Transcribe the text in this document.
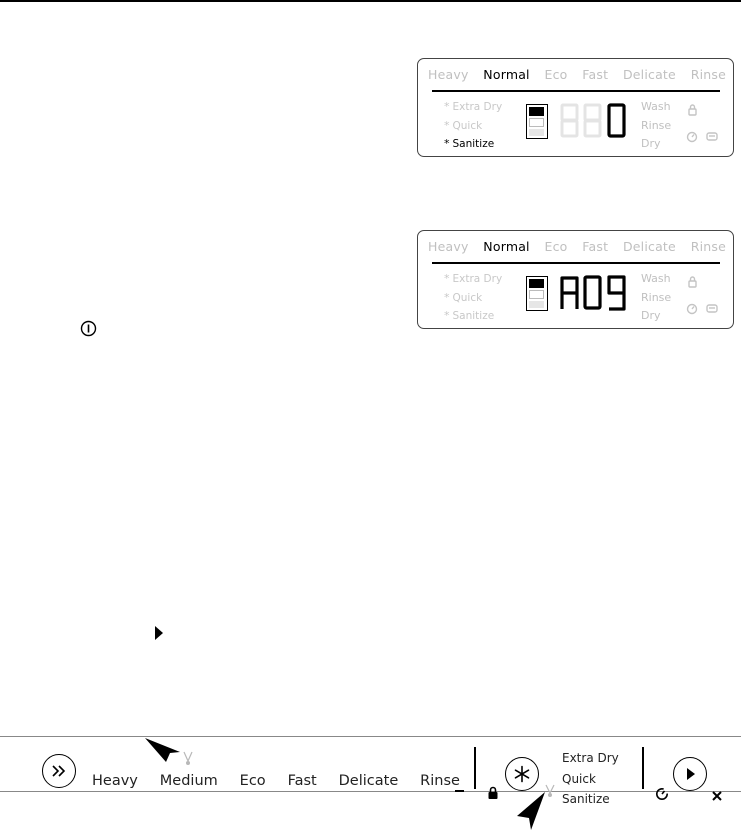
Heavy Normal Eco Fast Delicate Rinse
* Extra Dry
* Quick
* Sanitize
Wash
Rinse
Dry
Heavy Normal Eco Fast Delicate Rinse
* Extra Dry
* Quick
* Sanitize
Wash
Rinse
Dry
Heavy Medium Eco Fast Delicate Rinse
Extra Dry
Quick
Sanitize
